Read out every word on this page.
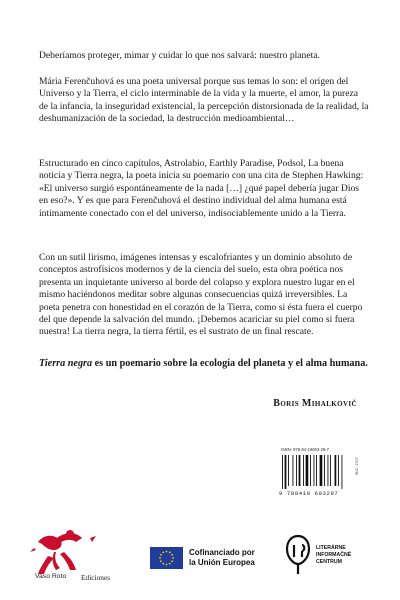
Deberíamos proteger, mimar y cuidar lo que nos salvará: nuestro planeta.

Mária Ferenčuhová es una poeta universal porque sus temas lo son: el origen del Universo y la Tierra, el ciclo interminable de la vida y la muerte, el amor, la pureza de la infancia, la inseguridad existencial, la percepción distorsionada de la realidad, la deshumanización de la sociedad, la destrucción medioambiental…

Estructurado en cinco capítulos, Astrolabio, Earthly Paradise, Podsol, La buena noticia y Tierra negra, la poeta inicia su poemario con una cita de Stephen Hawking: «El universo surgió espontáneamente de la nada […] ¿qué papel debería jugar Dios en eso?». Y es que para Ferenčuhová el destino individual del alma humana está íntimamente conectado con el del universo, indisociablemente unido a la Tierra.

Con un sutil lirismo, imágenes intensas y escalofriantes y un dominio absoluto de conceptos astrofísicos modernos y de la ciencia del suelo, esta obra poética nos presenta un inquietante universo al borde del colapso y explora nuestro lugar en el mismo haciéndonos meditar sobre algunas consecuencias quizá irreversibles. La poeta penetra con honestidad en el corazón de la Tierra, como si ésta fuera el cuerpo del que depende la salvación del mundo. ¡Debemos acariciar su piel como si fuera nuestra! La tierra negra, la tierra fértil, es el sustrato de un final rescate.

Tierra negra es un poemario sobre la ecología del planeta y el alma humana.

Boris Mihalkovič
ISBN: 978-84-19693-29-7
9 788419 693297
IBIC: DCF
Vaso Roto Ediciones
Cofinanciado por
la Unión Europea
LITERÁRNE
INFORMAČNÉ
CENTRUM
